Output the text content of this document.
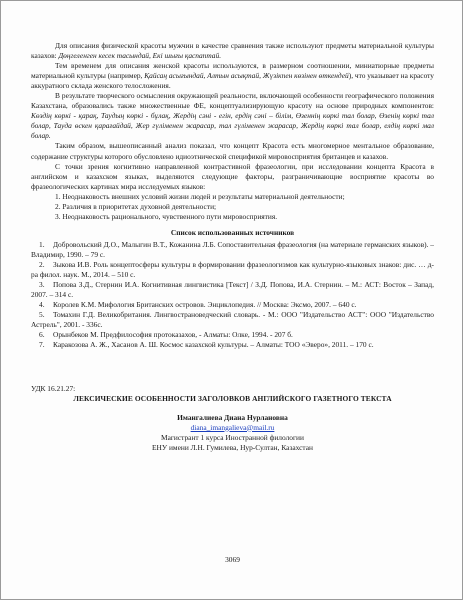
Для описания физической красоты мужчин в качестве сравнения также используют предметы материальной культуры казахов: Дөңгеленген кесек тасындай, Екі шығы қаспаптай.

Тем временем для описания женской красоты используются, в размерном соотношении, миниатюрные предметы материальной культуры (например, Қайсаң асығындай, Алтын асықтай, Жүзікпен көзінен өткендей), что указывает на красоту аккуратного склада женского телосложения.

В результате творческого осмысления окружающей реальности, включающей особенности географического положения Казахстана, образовались также множественные ФЕ, концептуализирующую красоту на основе природных компонентов: Көздің көркі - қарақ, Таудың көркі - бұлақ, Жердің сәні - егін, ердің сәні – білім, Өзеннің көркі тал болар, Өзенің көркі тал болар, Тауда өскен қарағайдай, Жер гүліменен жарасар, тал гүліменен жарасар, Жердің көркі тал болар, елдің көркі мал болар.

Таким образом, вышеописанный анализ показал, что концепт Красота есть многомерное ментальное образование, содержание структуры которого обусловлено идиоэтнической спецификой мировосприятия британцев и казахов.

С точки зрения когнитивно направленной контрастивной фразеологии, при исследовании концепта Красота в английском и казахском языках, выделяются следующие факторы, разграничивающие восприятие красоты во фразеологических картинах мира исследуемых языков:

1. Неоднаковость внешних условий жизни людей и результаты материальной деятельности;

2. Различия в приоритетах духовной деятельности;

3. Неоднаковость рационального, чувственного пути мировосприятия.

Список использованных источников

1. Добровольский Д.О., Малыгин В.Т., Кожанина Л.Б. Сопоставительная фразеология (на материале германских языков). – Владимир, 1990. – 79 с.

2. Зыкова И.В. Роль концептосферы культуры в формировании фразеологизмов как культурно-языковых знаков: дис. … д-ра филол. наук. М., 2014. – 510 с.

3. Попова З.Д., Стернин И.А. Когнитивная лингвистика [Текст] / З.Д. Попова, И.А. Стернин. – М.: АСТ: Восток – Запад, 2007. – 314 с.

4. Королев К.М. Мифология Британских островов. Энциклопедия. // Москва: Эксмо, 2007. – 640 с.

5. Томахин Г.Д. Великобритания. Лингвострановедческий словарь. - М.: ООО "Издательство АСТ": ООО "Издательство Астрель", 2001. - 336с.

6. Орынбеков М. Предфилософия протоказахов, - Алматы: Олке, 1994. - 207 б.

7. Каракозова А. Ж., Хасанов А. Ш. Космос казахской культуры. – Алматы: ТОО «Эверо», 2011. – 170 с.

УДК 16.21.27:

ЛЕКСИЧЕСКИЕ ОСОБЕННОСТИ ЗАГОЛОВКОВ АНГЛИЙСКОГО ГАЗЕТНОГО ТЕКСТА

Имангалиева Диана Нурлановна

diana_imangalieva@mail.ru

Магистрант 1 курса Иностранной филологии

ЕНУ имени Л.Н. Гумилева, Нур-Султан, Казахстан

3069
